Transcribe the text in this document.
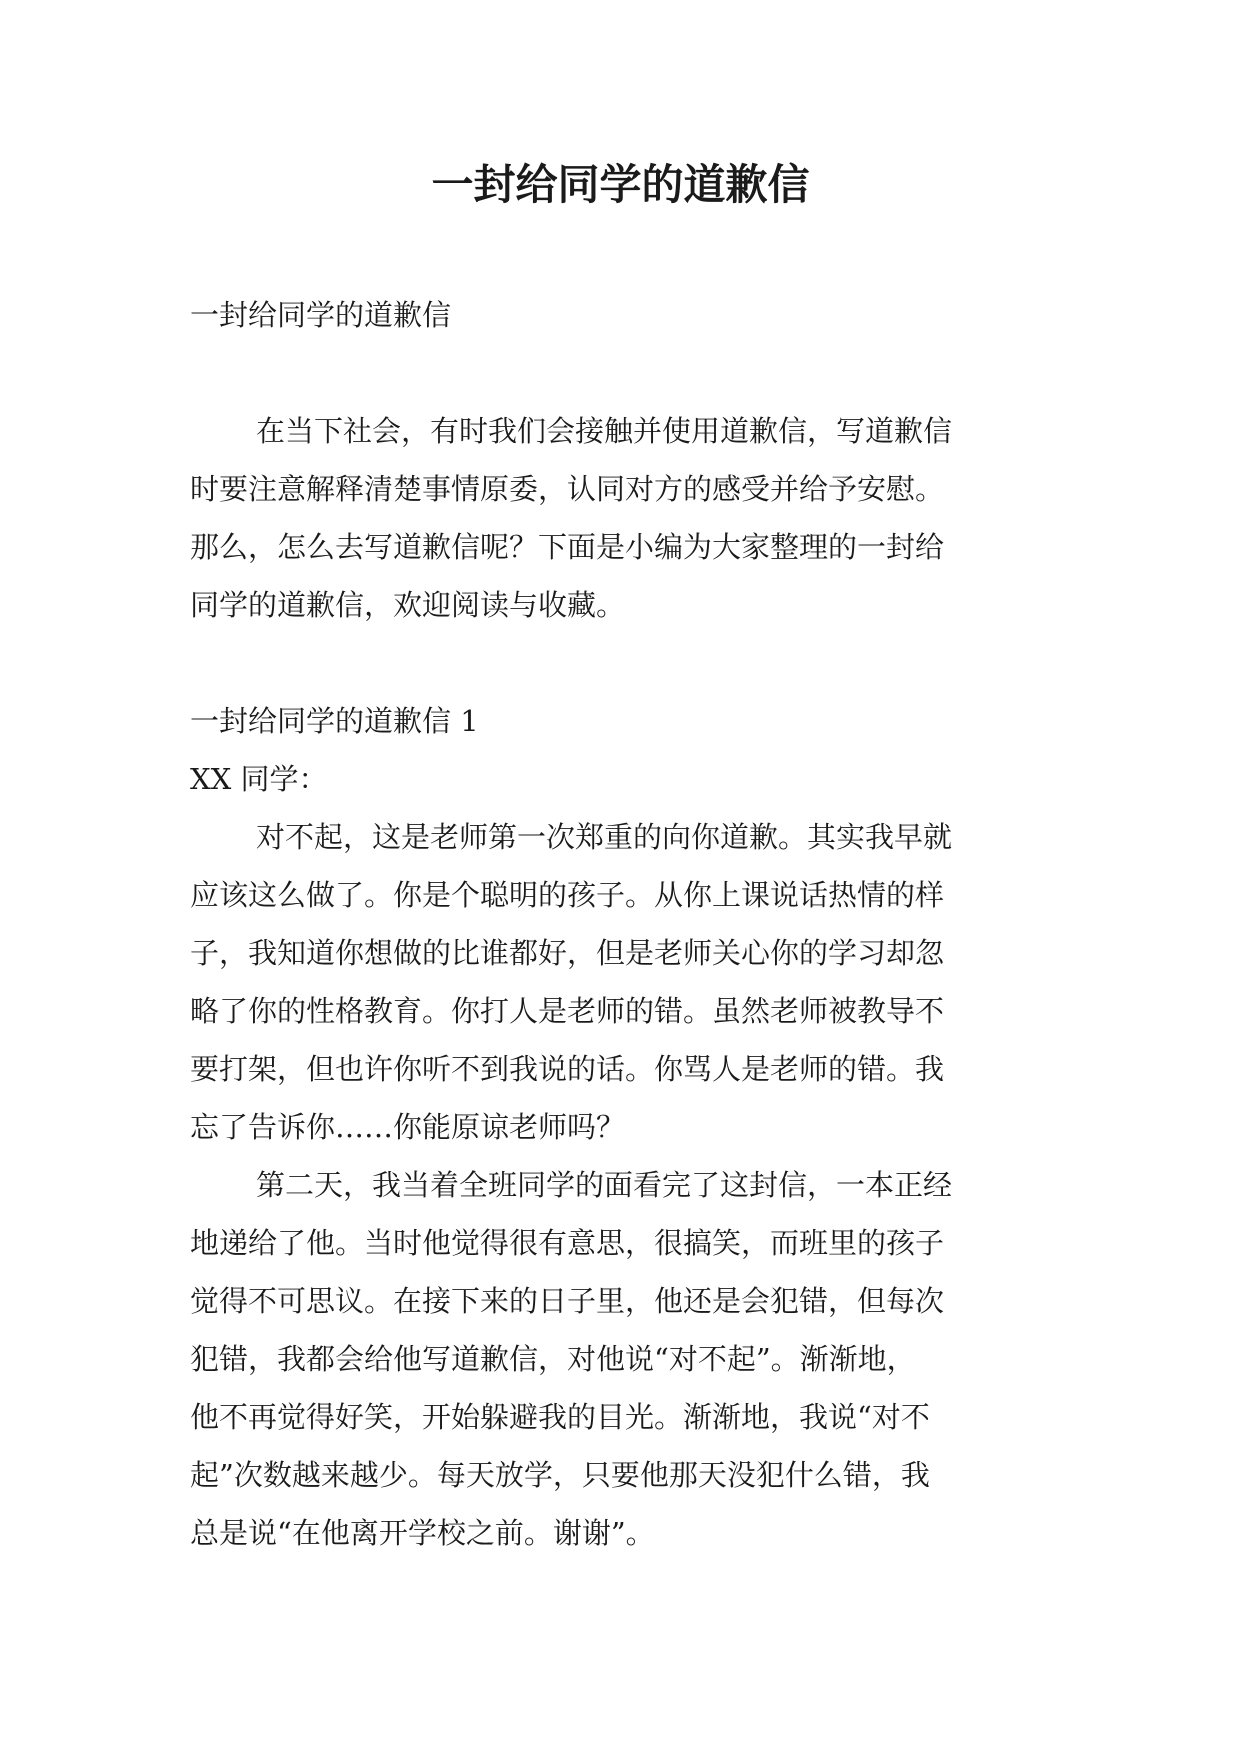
一封给同学的道歉信
一封给同学的道歉信
在当下社会，有时我们会接触并使用道歉信，写道歉信
时要注意解释清楚事情原委，认同对方的感受并给予安慰。
那么，怎么去写道歉信呢？下面是小编为大家整理的一封给
同学的道歉信，欢迎阅读与收藏。
一封给同学的道歉信 1
XX 同学：
对不起，这是老师第一次郑重的向你道歉。其实我早就
应该这么做了。你是个聪明的孩子。从你上课说话热情的样
子，我知道你想做的比谁都好，但是老师关心你的学习却忽
略了你的性格教育。你打人是老师的错。虽然老师被教导不
要打架，但也许你听不到我说的话。你骂人是老师的错。我
忘了告诉你……你能原谅老师吗？
第二天，我当着全班同学的面看完了这封信，一本正经
地递给了他。当时他觉得很有意思，很搞笑，而班里的孩子
觉得不可思议。在接下来的日子里，他还是会犯错，但每次
犯错，我都会给他写道歉信，对他说“对不起”。渐渐地，
他不再觉得好笑，开始躲避我的目光。渐渐地，我说“对不
起”次数越来越少。每天放学，只要他那天没犯什么错，我
总是说“在他离开学校之前。谢谢”。
